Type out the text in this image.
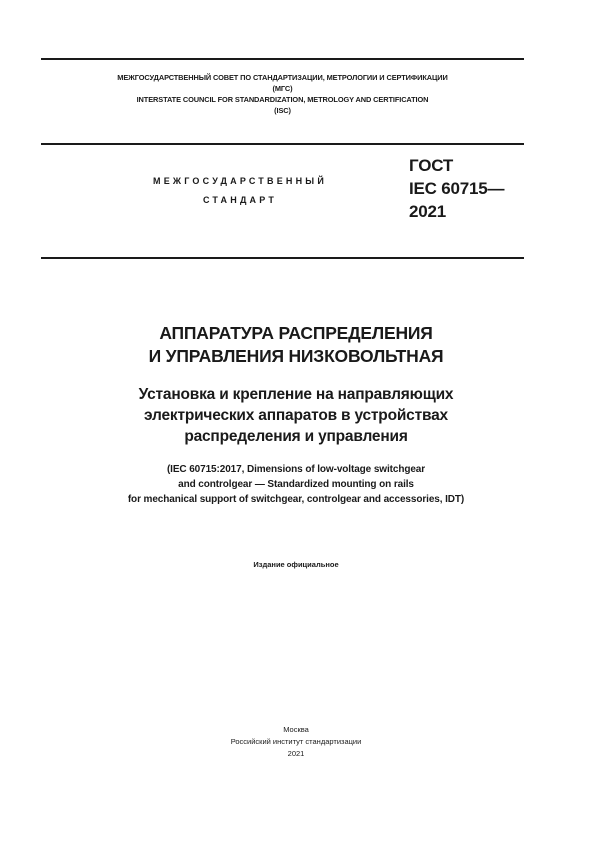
МЕЖГОСУДАРСТВЕННЫЙ СОВЕТ ПО СТАНДАРТИЗАЦИИ, МЕТРОЛОГИИ И СЕРТИФИКАЦИИ
(МГС)
INTERSTATE COUNCIL FOR STANDARDIZATION, METROLOGY AND CERTIFICATION
(ISC)
МЕЖГОСУДАРСТВЕННЫЙ
СТАНДАРТ
ГОСТ
IEC 60715—
2021
АППАРАТУРА РАСПРЕДЕЛЕНИЯ
И УПРАВЛЕНИЯ НИЗКОВОЛЬТНАЯ
Установка и крепление на направляющих
электрических аппаратов в устройствах
распределения и управления
(IEC 60715:2017, Dimensions of low-voltage switchgear
and controlgear — Standardized mounting on rails
for mechanical support of switchgear, controlgear and accessories, IDT)
Издание официальное
Москва
Российский институт стандартизации
2021
